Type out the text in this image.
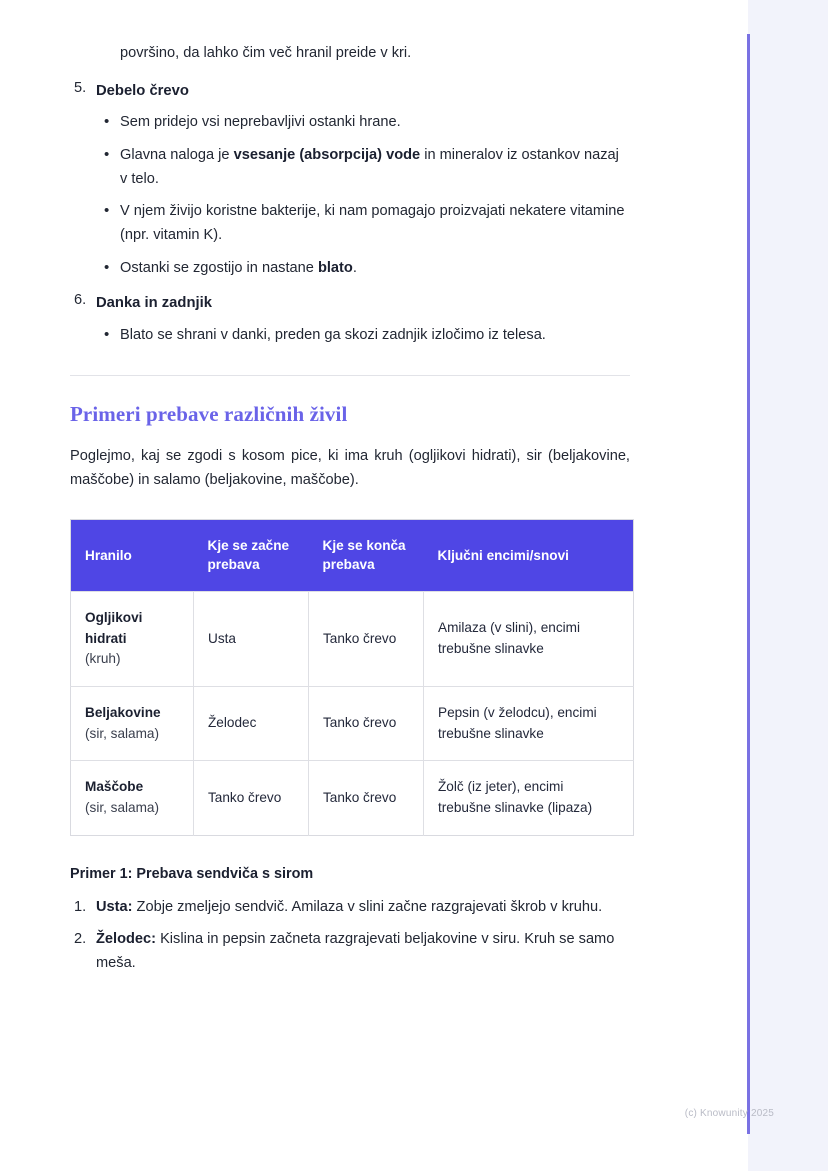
površino, da lahko čim več hranil preide v kri.
5. Debelo črevo
• Sem pridejo vsi neprebavljivi ostanki hrane.
• Glavna naloga je vsesanje (absorpcija) vode in mineralov iz ostankov nazaj v telo.
• V njem živijo koristne bakterije, ki nam pomagajo proizvajati nekatere vitamine (npr. vitamin K).
• Ostanki se zgostijo in nastane blato.
6. Danka in zadnjik
• Blato se shrani v danki, preden ga skozi zadnjik izločimo iz telesa.
Primeri prebave različnih živil

Poglejmo, kaj se zgodi s kosom pice, ki ima kruh (ogljikovi hidrati), sir (beljakovine, maščobe) in salamo (beljakovine, maščobe).

Hranilo	Kje se začne prebava	Kje se konča prebava	Ključni encimi/snovi

Ogljikovi hidrati
(kruh)	Usta	Tanko črevo	Amilaza (v slini), encimi trebušne slinavke

Beljakovine
(sir, salama)	Želodec	Tanko črevo	Pepsin (v želodcu), encimi trebušne slinavke

Maščobe
(sir, salama)	Tanko črevo	Tanko črevo	Žolč (iz jeter), encimi trebušne slinavke (lipaza)
Primer 1: Prebava sendviča s sirom
1. Usta: Zobje zmeljejo sendvič. Amilaza v slini začne razgrajevati škrob v kruhu.
2. Želodec: Kislina in pepsin začneta razgrajevati beljakovine v siru. Kruh se samo meša.
(c) Knowunity 2025
